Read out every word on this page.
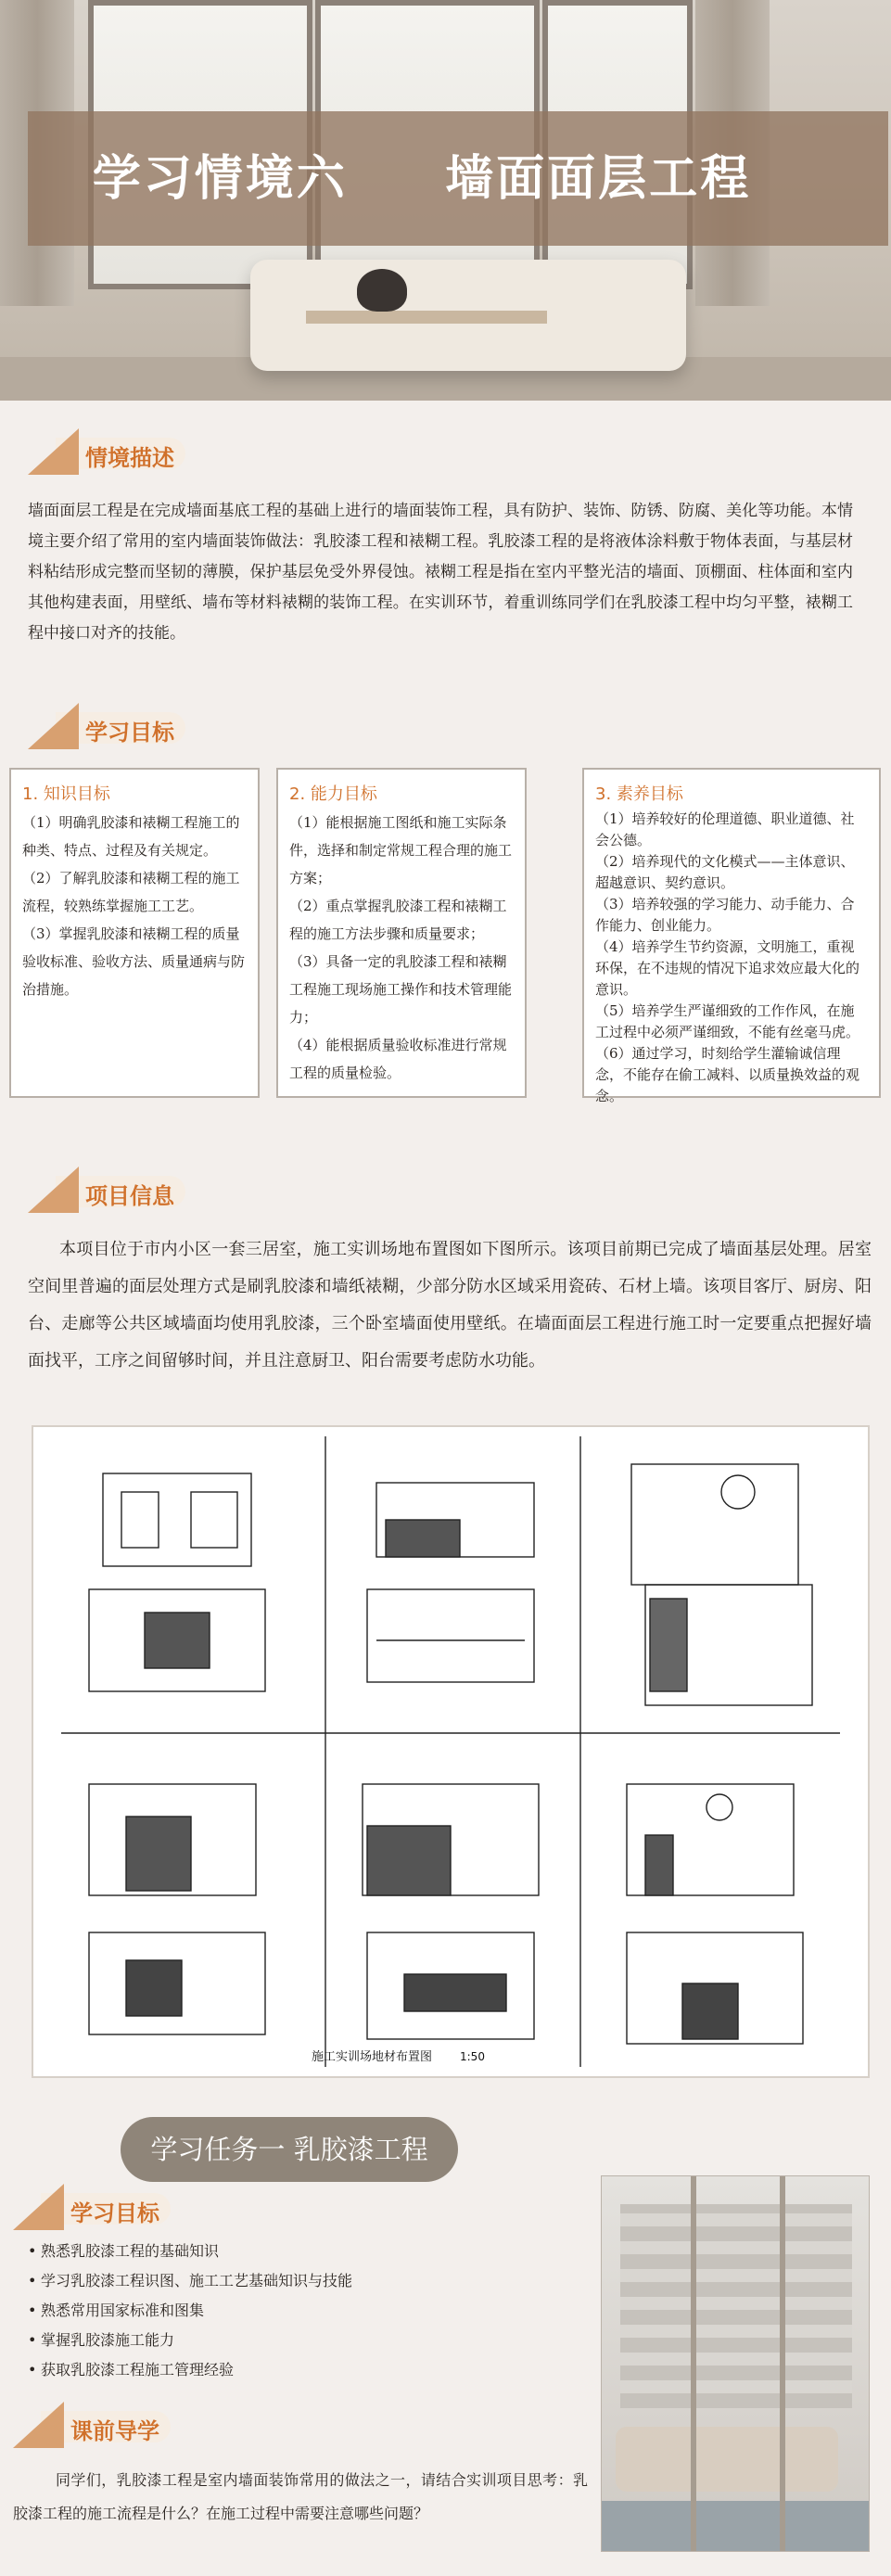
学习情境六     墙面面层工程
情境描述
墙面面层工程是在完成墙面基底工程的基础上进行的墙面装饰工程，具有防护、装饰、防锈、防腐、美化等功能。本情境主要介绍了常用的室内墙面装饰做法：乳胶漆工程和裱糊工程。乳胶漆工程的是将液体涂料敷于物体表面，与基层材料粘结形成完整而坚韧的薄膜，保护基层免受外界侵蚀。裱糊工程是指在室内平整光洁的墙面、顶棚面、柱体面和室内其他构建表面，用壁纸、墙布等材料裱糊的装饰工程。在实训环节，着重训练同学们在乳胶漆工程中均匀平整，裱糊工程中接口对齐的技能。
学习目标
1. 知识目标
（1）明确乳胶漆和裱糊工程施工的种类、特点、过程及有关规定。
（2）了解乳胶漆和裱糊工程的施工流程，较熟练掌握施工工艺。
（3）掌握乳胶漆和裱糊工程的质量验收标准、验收方法、质量通病与防治措施。
2. 能力目标
（1）能根据施工图纸和施工实际条件，选择和制定常规工程合理的施工方案；
（2）重点掌握乳胶漆工程和裱糊工程的施工方法步骤和质量要求；
（3）具备一定的乳胶漆工程和裱糊工程施工现场施工操作和技术管理能力；
（4）能根据质量验收标准进行常规工程的质量检验。
3. 素养目标
（1）培养较好的伦理道德、职业道德、社会公德。
（2）培养现代的文化模式——主体意识、超越意识、契约意识。
（3）培养较强的学习能力、动手能力、合作能力、创业能力。
（4）培养学生节约资源，文明施工，重视环保，在不违规的情况下追求效应最大化的意识。
（5）培养学生严谨细致的工作作风，在施工过程中必须严谨细致，不能有丝毫马虎。
（6）通过学习，时刻给学生灌输诚信理念，不能存在偷工减料、以质量换效益的观念。
项目信息
本项目位于市内小区一套三居室，施工实训场地布置图如下图所示。该项目前期已完成了墙面基层处理。居室空间里普遍的面层处理方式是刷乳胶漆和墙纸裱糊，少部分防水区域采用瓷砖、石材上墙。该项目客厅、厨房、阳台、走廊等公共区域墙面均使用乳胶漆，三个卧室墙面使用壁纸。在墙面面层工程进行施工时一定要重点把握好墙面找平，工序之间留够时间，并且注意厨卫、阳台需要考虑防水功能。
施工实训场地材布置图 1:50
学习任务一 乳胶漆工程
学习目标
• 熟悉乳胶漆工程的基础知识
• 学习乳胶漆工程识图、施工工艺基础知识与技能
• 熟悉常用国家标准和图集
• 掌握乳胶漆施工能力
• 获取乳胶漆工程施工管理经验
课前导学
同学们，乳胶漆工程是室内墙面装饰常用的做法之一，请结合实训项目思考：乳胶漆工程的施工流程是什么？在施工过程中需要注意哪些问题？
